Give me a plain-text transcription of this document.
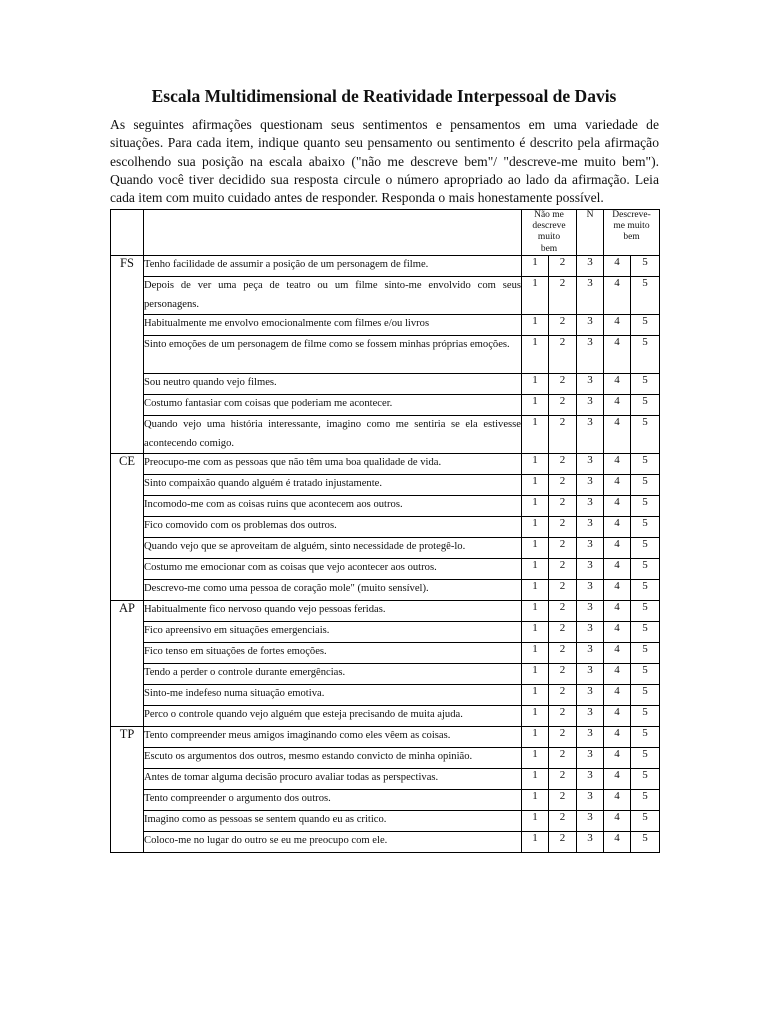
Escala Multidimensional de Reatividade Interpessoal de Davis

As seguintes afirmações questionam seus sentimentos e pensamentos em uma variedade de situações. Para cada item, indique quanto seu pensamento ou sentimento é descrito pela afirmação escolhendo sua posição na escala abaixo ("não me descreve bem"/ "descreve-me muito bem"). Quando você tiver decidido sua resposta circule o número apropriado ao lado da afirmação. Leia cada item com muito cuidado antes de responder. Responda o mais honestamente possível.

		Não me descreve muito bem		N	Descreve-me muito bem	

FS	Tenho facilidade de assumir a posição de um personagem de filme.	1	2	3	4	5
	Depois de ver uma peça de teatro ou um filme sinto-me envolvido com seus personagens.	1	2	3	4	5
	Habitualmente me envolvo emocionalmente com filmes e/ou livros	1	2	3	4	5
	Sinto emoções de um personagem de filme como se fossem minhas próprias emoções.	1	2	3	4	5
	Sou neutro quando vejo filmes.	1	2	3	4	5
	Costumo fantasiar com coisas que poderiam me acontecer.	1	2	3	4	5
	Quando vejo uma história interessante, imagino como me sentiria se ela estivesse acontecendo comigo.	1	2	3	4	5
CE	Preocupo-me com as pessoas que não têm uma boa qualidade de vida.	1	2	3	4	5
	Sinto compaixão quando alguém é tratado injustamente.	1	2	3	4	5
	Incomodo-me com as coisas ruins que acontecem aos outros.	1	2	3	4	5
	Fico comovido com os problemas dos outros.	1	2	3	4	5
	Quando vejo que se aproveitam de alguém, sinto necessidade de protegê-lo.	1	2	3	4	5
	Costumo me emocionar com as coisas que vejo acontecer aos outros.	1	2	3	4	5
	Descrevo-me como uma pessoa de coração mole" (muito sensível).	1	2	3	4	5
AP	Habitualmente fico nervoso quando vejo pessoas feridas.	1	2	3	4	5
	Fico apreensivo em situações emergenciais.	1	2	3	4	5
	Fico tenso em situações de fortes emoções.	1	2	3	4	5
	Tendo a perder o controle durante emergências.	1	2	3	4	5
	Sinto-me indefeso numa situação emotiva.	1	2	3	4	5
	Perco o controle quando vejo alguém que esteja precisando de muita ajuda.	1	2	3	4	5
TP	Tento compreender meus amigos imaginando como eles vêem as coisas.	1	2	3	4	5
	Escuto os argumentos dos outros, mesmo estando convicto de minha opinião.	1	2	3	4	5
	Antes de tomar alguma decisão procuro avaliar todas as perspectivas.	1	2	3	4	5
	Tento compreender o argumento dos outros.	1	2	3	4	5
	Imagino como as pessoas se sentem quando eu as critico.	1	2	3	4	5
	Coloco-me no lugar do outro se eu me preocupo com ele.	1	2	3	4	5
